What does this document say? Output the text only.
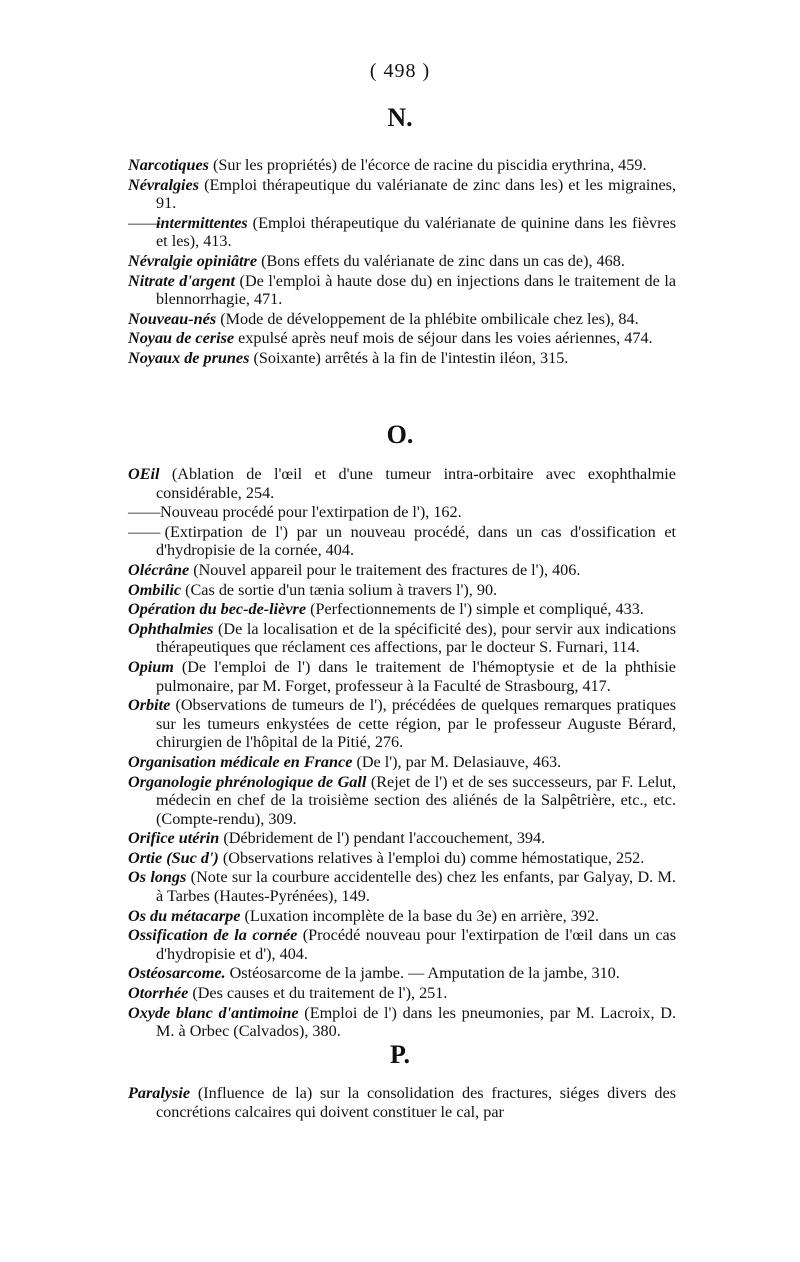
( 498 )
N.

Narcotiques (Sur les propriétés) de l'écorce de racine du piscidia erythrina, 459.

Névralgies (Emploi thérapeutique du valérianate de zinc dans les) et les migraines, 91.

——intermittentes (Emploi thérapeutique du valérianate de quinine dans les fièvres et les), 413.

Névralgie opiniâtre (Bons effets du valérianate de zinc dans un cas de), 468.

Nitrate d'argent (De l'emploi à haute dose du) en injections dans le traitement de la blennorrhagie, 471.

Nouveau-nés (Mode de développement de la phlébite ombilicale chez les), 84.

Noyau de cerise expulsé après neuf mois de séjour dans les voies aériennes, 474.

Noyaux de prunes (Soixante) arrêtés à la fin de l'intestin iléon, 315.

O.

OEil (Ablation de l'œil et d'une tumeur intra-orbitaire avec exophthalmie considérable, 254.

—— Nouveau procédé pour l'extirpation de l'), 162.

—— (Extirpation de l') par un nouveau procédé, dans un cas d'ossification et d'hydropisie de la cornée, 404.

Olécrâne (Nouvel appareil pour le traitement des fractures de l'), 406.

Ombilic (Cas de sortie d'un tænia solium à travers l'), 90.

Opération du bec-de-lièvre (Perfectionnements de l') simple et compliqué, 433.

Ophthalmies (De la localisation et de la spécificité des), pour servir aux indications thérapeutiques que réclament ces affections, par le docteur S. Furnari, 114.

Opium (De l'emploi de l') dans le traitement de l'hémoptysie et de la phthisie pulmonaire, par M. Forget, professeur à la Faculté de Strasbourg, 417.

Orbite (Observations de tumeurs de l'), précédées de quelques remarques pratiques sur les tumeurs enkystées de cette région, par le professeur Auguste Bérard, chirurgien de l'hôpital de la Pitié, 276.

Organisation médicale en France (De l'), par M. Delasiauve, 463.

Organologie phrénologique de Gall (Rejet de l') et de ses successeurs, par F. Lelut, médecin en chef de la troisième section des aliénés de la Salpêtrière, etc., etc. (Compte-rendu), 309.

Orifice utérin (Débridement de l') pendant l'accouchement, 394.

Ortie (Suc d') (Observations relatives à l'emploi du) comme hémostatique, 252.

Os longs (Note sur la courbure accidentelle des) chez les enfants, par Galyay, D. M. à Tarbes (Hautes-Pyrénées), 149.

Os du métacarpe (Luxation incomplète de la base du 3e) en arrière, 392.

Ossification de la cornée (Procédé nouveau pour l'extirpation de l'œil dans un cas d'hydropisie et d'), 404.

Ostéosarcome. Ostéosarcome de la jambe. — Amputation de la jambe, 310.

Otorrhée (Des causes et du traitement de l'), 251.

Oxyde blanc d'antimoine (Emploi de l') dans les pneumonies, par M. Lacroix, D. M. à Orbec (Calvados), 380.

P.

Paralysie (Influence de la) sur la consolidation des fractures, siéges divers des concrétions calcaires qui doivent constituer le cal, par
